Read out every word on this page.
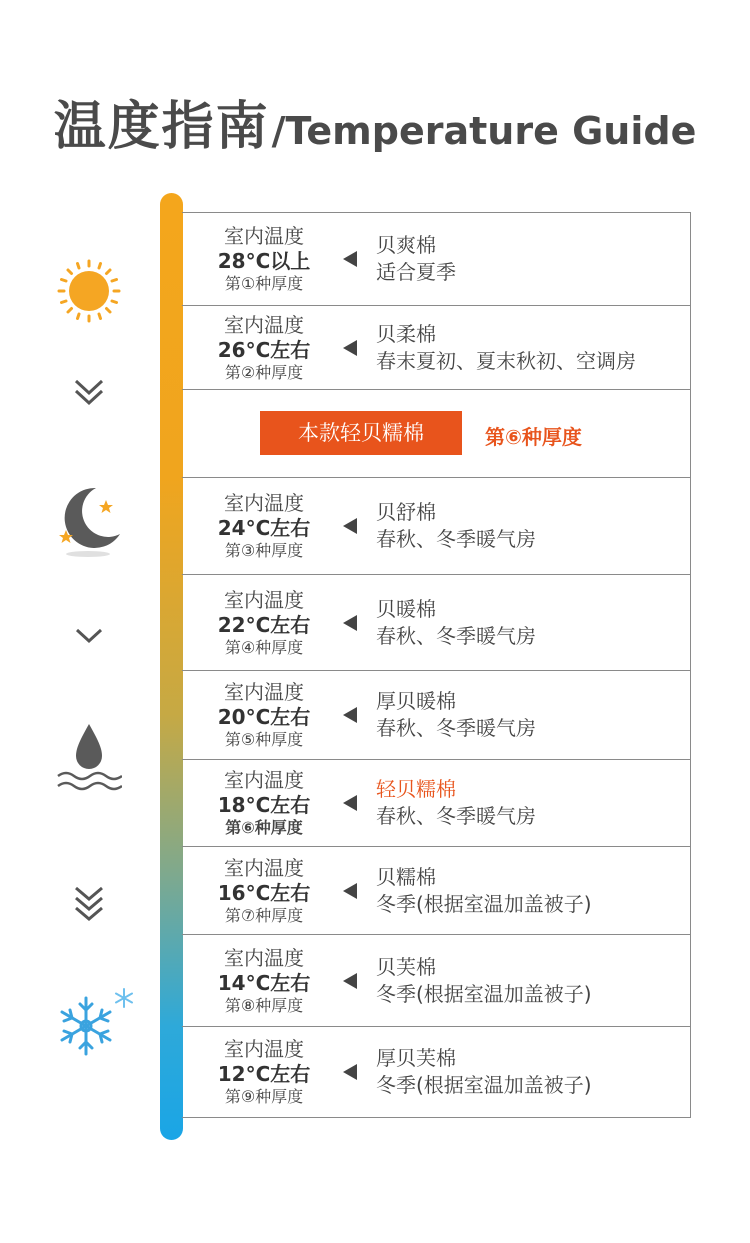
温度指南/Temperature Guide
室内温度
28°C以上
第①种厚度
贝爽棉
适合夏季
室内温度
26°C左右
第②种厚度
贝柔棉
春末夏初、夏末秋初、空调房
本款轻贝糯棉	第⑥种厚度
室内温度
24°C左右
第③种厚度
贝舒棉
春秋、冬季暖气房
室内温度
22°C左右
第④种厚度
贝暖棉
春秋、冬季暖气房
室内温度
20°C左右
第⑤种厚度
厚贝暖棉
春秋、冬季暖气房
室内温度
18°C左右
第⑥种厚度
轻贝糯棉
春秋、冬季暖气房
室内温度
16°C左右
第⑦种厚度
贝糯棉
冬季(根据室温加盖被子)
室内温度
14°C左右
第⑧种厚度
贝芙棉
冬季(根据室温加盖被子)
室内温度
12°C左右
第⑨种厚度
厚贝芙棉
冬季(根据室温加盖被子)
